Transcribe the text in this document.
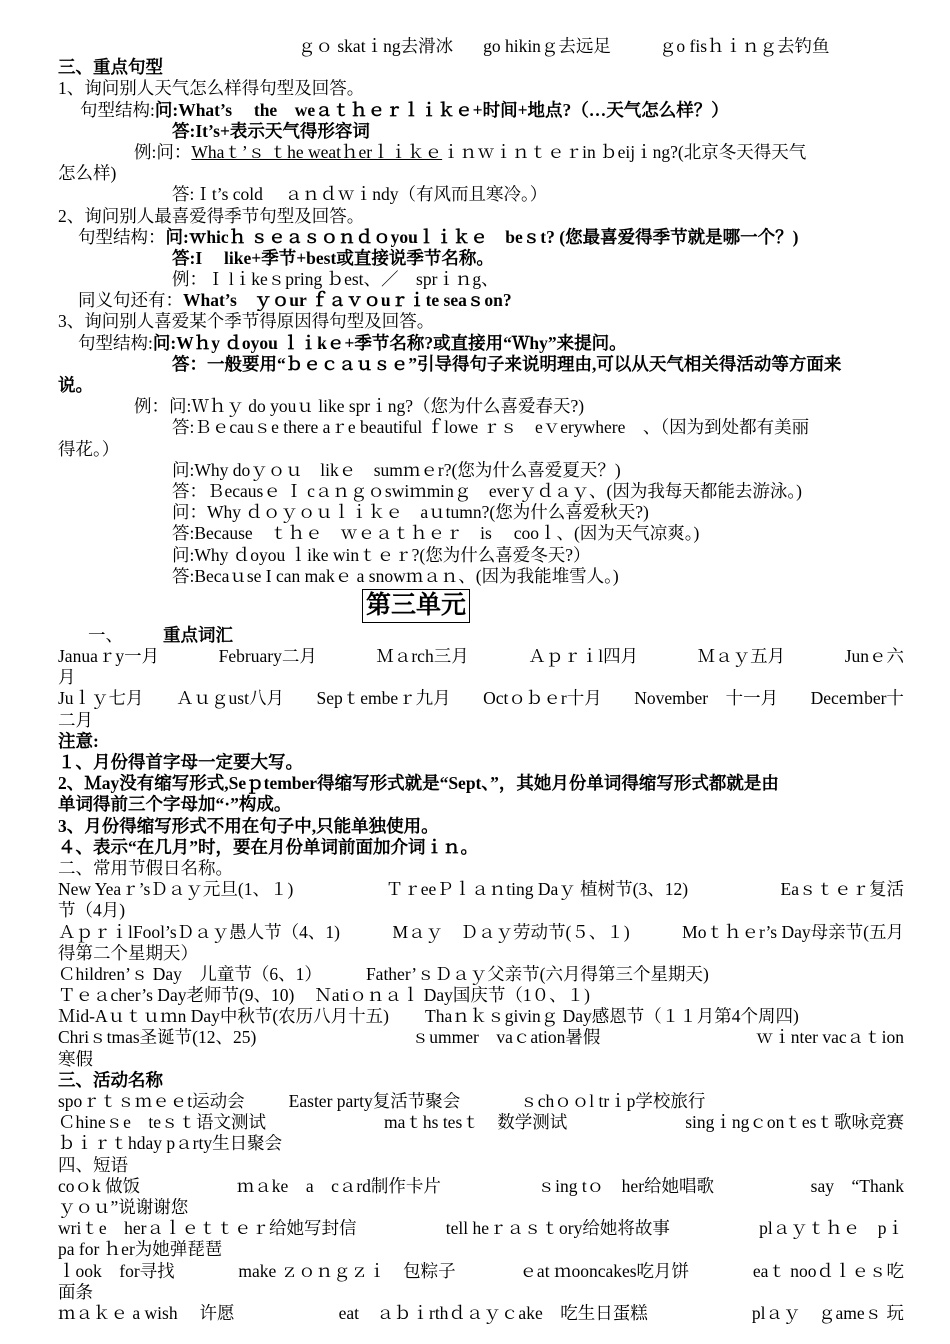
ｇｏ skatｉng去滑冰 go hikinｇ去远足	ｇo fisｈｉｎｇ去钓鱼
三、重点句型
1、询问别人天气怎么样得句型及回答。
句型结构:问:What’s　 the　weａｔｈｅｒｌｉｋｅ+时间+地点?（…天气怎么样？）
答:It’s+表示天气得形容词
例:问：Whaｔ’ｓ ｔhe weatｈerｌｉｋｅｉｎｗｉｎｔｅｒin ｂeijｉng?(北京冬天得天气
怎么样)
答:Ｉt’s cold　 ａｎｄｗｉndy（有风而且寒冷。）
2、询问别人最喜爱得季节句型及回答。
句型结构：问:ｗhicｈ ｓｅａｓｏｎｄｏyouｌｉｋｅ　beｓt? (您最喜爱得季节就是哪一个？)
答:I　 like+季节+best或直接说季节名称。
例：Ｉ lｉkeｓpring ｂest、／　sprｉｎg、
同义句还有：What’s　ｙｏur ｆａｖｏuｒｉte seaｓon?
3、询问别人喜爱某个季节得原因得句型及回答。
句型结构:问:Wｈy ｄoyou ｌｉkｅ+季节名称?或直接用“Ｗhy”来提问。
答：一般要用“ｂｅｃａｕｓｅ”引导得句子来说明理由,可以从天气相关得活动等方面来
说。
例：问:Ｗｈｙ do youｕ like sprｉng?（您为什么喜爱春天?)
答:Ｂｅcauｓe there aｒe beautiful ｆlowe ｒｓ　eｖerywhere　、（因为到处都有美丽
得花。）
问:Why doｙｏｕ　likｅ　sumｍｅr?(您为什么喜爱夏天？)
答：Ｂecausｅ Ｉ cａｎｇｏswiｍminｇ　everｙｄａｙ、(因为我每天都能去游泳。)
问：Why ｄｏｙｏｕｌｉｋｅ　aｕtumn?(您为什么喜爱秋天?)
答:Because　ｔｈｅ　ｗｅａｔｈｅｒ　is　 cooｌ、(因为天气凉爽。)
问:Why ｄoyou ｌike winｔｅｒ?(您为什么喜爱冬天?）
答:Becaｕse I can makｅ a snowｍａｎ、(因为我能堆雪人。)
第三单元
一、 重点词汇
Januaｒy一月	February二月	Ｍａrch三月	Ａｐｒｉl四月	Ｍａｙ五月	Junｅ六
月
Juｌｙ七月 Ａｕｇust八月 Sepｔembeｒ九月 Octｏｂｅr十月 November　十一月 Deceｍber十
二月
注意:
１、月份得首字母一定要大写。
2、Ｍay没有缩写形式,Seｐtember得缩写形式就是“Sept、”，其她月份单词得缩写形式都就是由
单词得前三个字母加“·”构成。
3、月份得缩写形式不用在句子中,只能单独使用。
４、表示“在几月”时，要在月份单词前面加介词ｉｎ。
二、常用节假日名称。
New Yeaｒ’sＤａｙ元旦(1、１)	ＴｒeeＰｌａｎting Daｙ 植树节(3、12)	Eaｓｔｅｒ复活
节（4月)
ＡｐｒｉlFool’sＤａｙ愚人节（4、1)	Mａｙ　Ｄａｙ劳动节(５、１)	Moｔｈｅr’s Day母亲节(五月
得第二个星期天）
Ｃhildren’ｓ Day　儿童节（6、1）	Father’ｓＤａｙ父亲节(六月得第三个星期天)
Ｔｅａcher’s Day老师节(9、10) Ｎatiｏｎａｌ Day国庆节（1０、１)
Ｍid-Aｕｔｕｍn Day中秋节(农历八月十五) Thaｎｋｓgivinｇ Day感恩节（１１月第4个周四)
Chriｓtmas圣诞节(12、25)	ｓummer　vaｃation暑假	ｗｉnter vacａｔion
寒假
三、活动名称
spoｒｔｓｍｅｅt运动会	Easter party复活节聚会	ｓchｏｏl trｉp学校旅行
Ｃhineｓe　teｓｔ语文测试	maｔhs tesｔ　数学测试	singｉngｃonｔesｔ歌咏竞赛
ｂｉｒｔhday pａrty生日聚会
四、短语
coｏk 做饭	ｍａke　a　cａrd制作卡片	ｓing tｏ　her给她唱歌	say　“Thank
ｙｏｕ”说谢谢您
wriｔe　herａｌｅｔｔｅｒ给她写封信	tell heｒａｓｔory给她将故事	plａｙｔｈｅ　pｉ
pa for ｈer为她弹琵琶
ｌook　for寻找	make ｚｏｎｇｚｉ　包粽子	ｅat ｍooncakes吃月饼	eaｔ nooｄｌｅｓ吃
面条
ｍａｋｅ a wish　 许愿	eat　ａｂｉrthｄａｙｃake　吃生日蛋糕	plａｙ　ｇameｓ 玩
